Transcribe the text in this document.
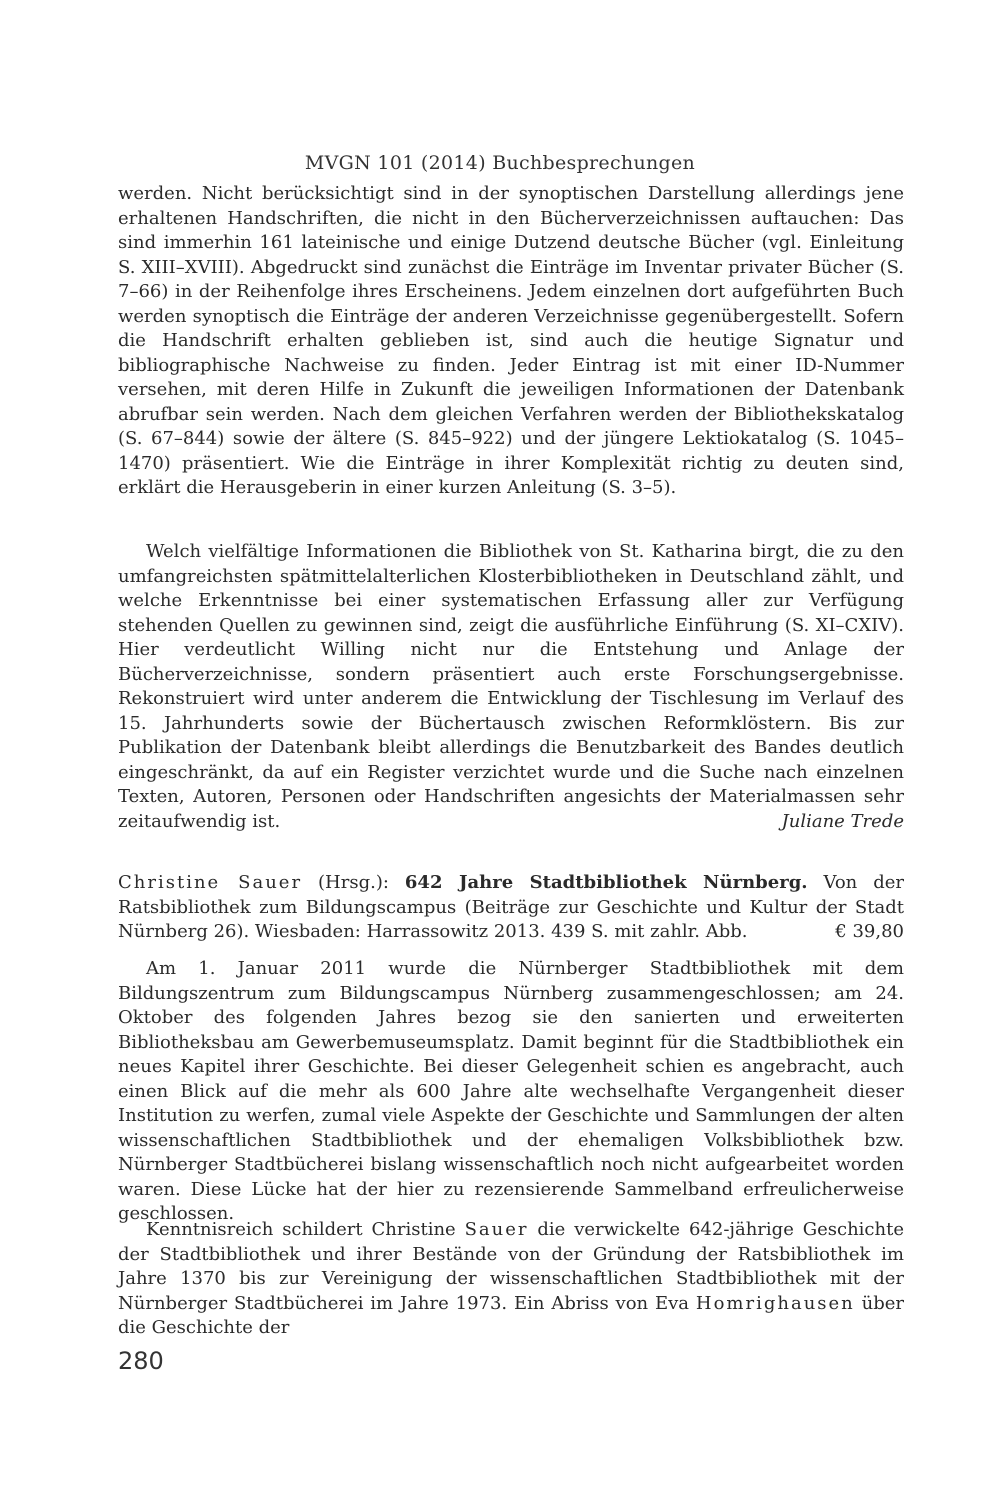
MVGN 101 (2014) Buchbesprechungen

werden. Nicht berücksichtigt sind in der synoptischen Darstellung allerdings jene erhaltenen Handschriften, die nicht in den Bücherverzeichnissen auftauchen: Das sind immerhin 161 lateinische und einige Dutzend deutsche Bücher (vgl. Einleitung S. XIII–XVIII). Abgedruckt sind zunächst die Einträge im Inventar privater Bücher (S. 7–66) in der Reihenfolge ihres Erscheinens. Jedem einzelnen dort aufgeführten Buch werden synoptisch die Einträge der anderen Verzeichnisse gegenübergestellt. Sofern die Handschrift erhalten geblieben ist, sind auch die heutige Signatur und bibliographische Nachweise zu finden. Jeder Eintrag ist mit einer ID-Nummer versehen, mit deren Hilfe in Zukunft die jeweiligen Informationen der Datenbank abrufbar sein werden. Nach dem gleichen Verfahren werden der Bibliothekskatalog (S. 67–844) sowie der ältere (S. 845–922) und der jüngere Lektiokatalog (S. 1045–1470) präsentiert. Wie die Einträge in ihrer Komplexität richtig zu deuten sind, erklärt die Herausgeberin in einer kurzen Anleitung (S. 3–5).

Welch vielfältige Informationen die Bibliothek von St. Katharina birgt, die zu den umfangreichsten spätmittelalterlichen Klosterbibliotheken in Deutschland zählt, und welche Erkenntnisse bei einer systematischen Erfassung aller zur Verfügung stehenden Quellen zu gewinnen sind, zeigt die ausführliche Einführung (S. XI–CXIV). Hier verdeutlicht Willing nicht nur die Entstehung und Anlage der Bücherverzeichnisse, sondern präsentiert auch erste Forschungsergebnisse. Rekonstruiert wird unter anderem die Entwicklung der Tischlesung im Verlauf des 15. Jahrhunderts sowie der Büchertausch zwischen Reformklöstern. Bis zur Publikation der Datenbank bleibt allerdings die Benutzbarkeit des Bandes deutlich eingeschränkt, da auf ein Register verzichtet wurde und die Suche nach einzelnen Texten, Autoren, Personen oder Handschriften angesichts der Materialmassen sehr zeitaufwendig ist.	Juliane Trede

Christine Sauer (Hrsg.): 642 Jahre Stadtbibliothek Nürnberg. Von der Ratsbibliothek zum Bildungscampus (Beiträge zur Geschichte und Kultur der Stadt Nürnberg 26). Wiesbaden: Harrassowitz 2013. 439 S. mit zahlr. Abb.	€ 39,80

Am 1. Januar 2011 wurde die Nürnberger Stadtbibliothek mit dem Bildungszentrum zum Bildungscampus Nürnberg zusammengeschlossen; am 24. Oktober des folgenden Jahres bezog sie den sanierten und erweiterten Bibliotheksbau am Gewerbemuseumsplatz. Damit beginnt für die Stadtbibliothek ein neues Kapitel ihrer Geschichte. Bei dieser Gelegenheit schien es angebracht, auch einen Blick auf die mehr als 600 Jahre alte wechselhafte Vergangenheit dieser Institution zu werfen, zumal viele Aspekte der Geschichte und Sammlungen der alten wissenschaftlichen Stadtbibliothek und der ehemaligen Volksbibliothek bzw. Nürnberger Stadtbücherei bislang wissenschaftlich noch nicht aufgearbeitet worden waren. Diese Lücke hat der hier zu rezensierende Sammelband erfreulicherweise geschlossen.

Kenntnisreich schildert Christine Sauer die verwickelte 642-jährige Geschichte der Stadtbibliothek und ihrer Bestände von der Gründung der Ratsbibliothek im Jahre 1370 bis zur Vereinigung der wissenschaftlichen Stadtbibliothek mit der Nürnberger Stadtbücherei im Jahre 1973. Ein Abriss von Eva Homrighausen über die Geschichte der

280
